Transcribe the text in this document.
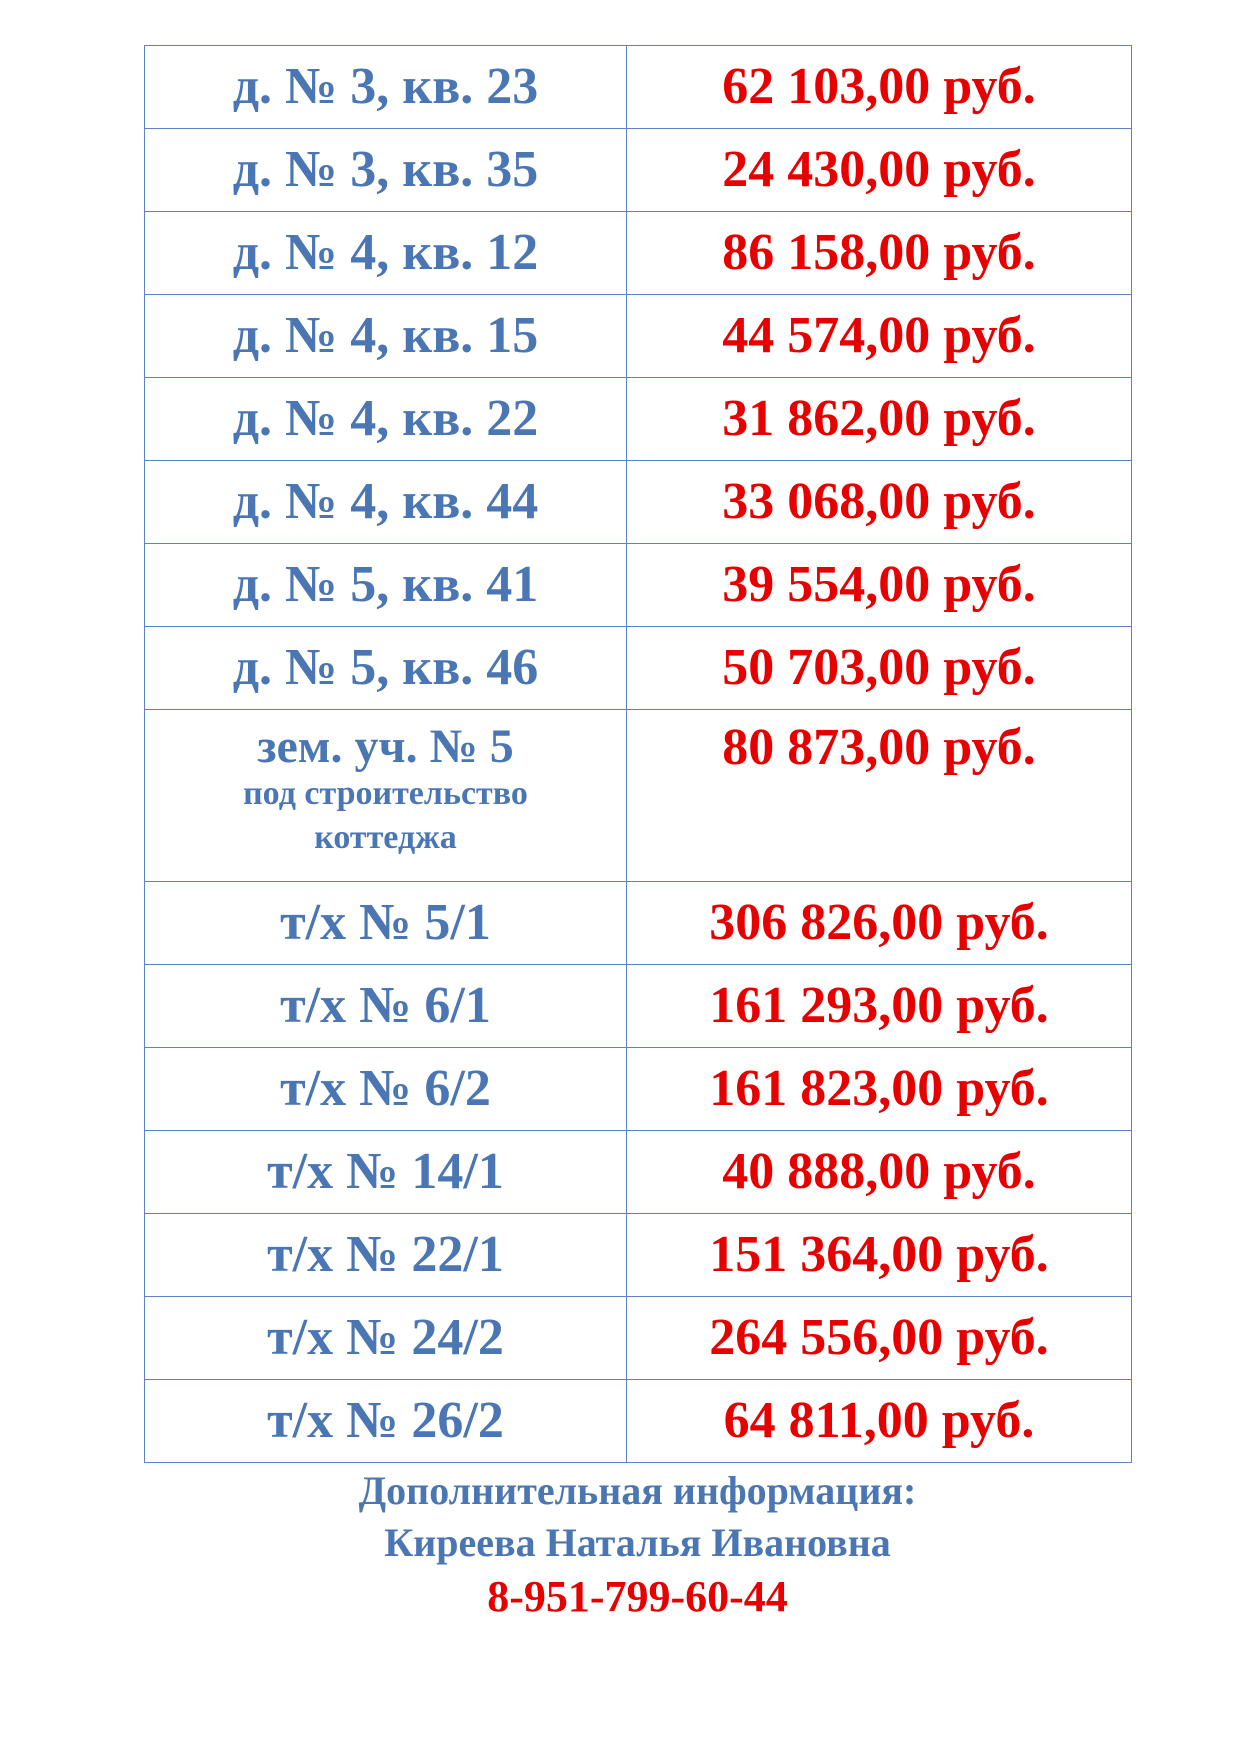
д. № 3, кв. 23	62 103,00 руб.
д. № 3, кв. 35	24 430,00 руб.
д. № 4, кв. 12	86 158,00 руб.
д. № 4, кв. 15	44 574,00 руб.
д. № 4, кв. 22	31 862,00 руб.
д. № 4, кв. 44	33 068,00 руб.
д. № 5, кв. 41	39 554,00 руб.
д. № 5, кв. 46	50 703,00 руб.

зем. уч. № 5
под строительство
коттеджа	80 873,00 руб.
т/х № 5/1	306 826,00 руб.
т/х № 6/1	161 293,00 руб.
т/х № 6/2	161 823,00 руб.
т/х № 14/1	40 888,00 руб.
т/х № 22/1	151 364,00 руб.
т/х № 24/2	264 556,00 руб.
т/х № 26/2	64 811,00 руб.
Дополнительная информация:
Киреева Наталья Ивановна
8-951-799-60-44
